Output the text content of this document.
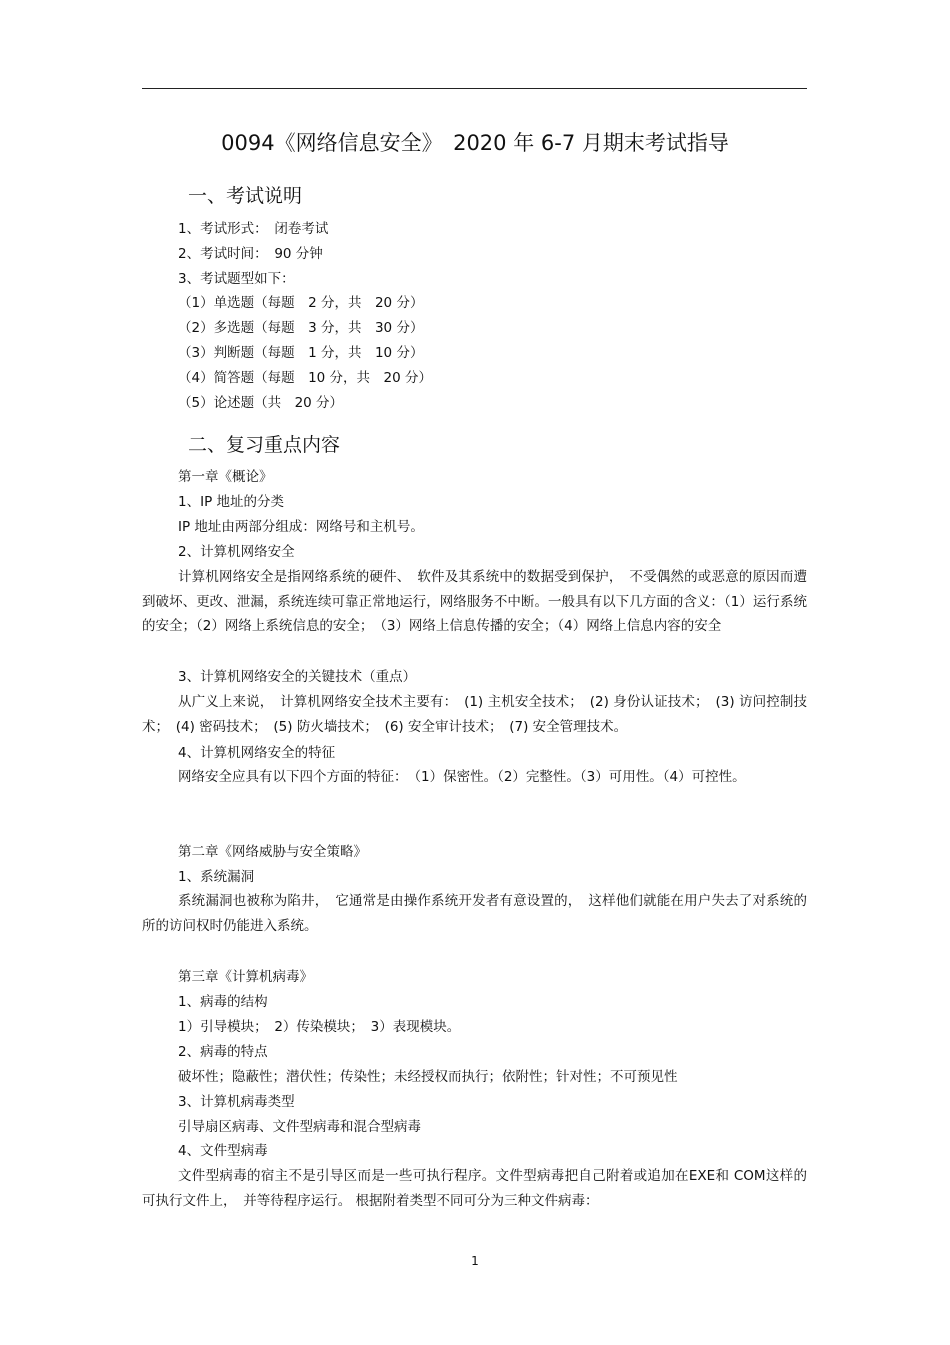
0094《网络信息安全》　2020 年 6-7 月期末考试指导
一、考试说明
1、考试形式：　闭卷考试
2、考试时间：　90 分钟
3、考试题型如下：
（1）单选题（每题　2 分，共　20 分）
（2）多选题（每题　3 分，共　30 分）
（3）判断题（每题　1 分，共　10 分）
（4）简答题（每题　10 分，共　20 分）
（5）论述题（共　20 分）
二、复习重点内容
第一章《概论》
1、IP 地址的分类
IP 地址由两部分组成：网络号和主机号。
2、计算机网络安全
计算机网络安全是指网络系统的硬件、　软件及其系统中的数据受到保护，　不受偶然的或恶意的原因而遭到破坏、更改、泄漏，系统连续可靠正常地运行，网络服务不中断。一般具有以下几方面的含义：（1）运行系统的安全；（2）网络上系统信息的安全；　（3）网络上信息传播的安全；（4）网络上信息内容的安全
3、计算机网络安全的关键技术（重点）
从广义上来说，　计算机网络安全技术主要有：　(1) 主机安全技术；　(2) 身份认证技术；　(3) 访问控制技术；　(4) 密码技术；　(5) 防火墙技术；　(6) 安全审计技术；　(7) 安全管理技术。
4、计算机网络安全的特征
网络安全应具有以下四个方面的特征：　（1）保密性。（2）完整性。（3）可用性。（4）可控性。
第二章《网络威胁与安全策略》
1、系统漏洞
系统漏洞也被称为陷井，　它通常是由操作系统开发者有意设置的，　这样他们就能在用户失去了对系统的所的访问权时仍能进入系统。
第三章《计算机病毒》
1、病毒的结构
1）引导模块；　2）传染模块；　3）表现模块。
2、病毒的特点
破坏性；隐蔽性；潜伏性；传染性；未经授权而执行；依附性；针对性；不可预见性
3、计算机病毒类型
引导扇区病毒、文件型病毒和混合型病毒
4、文件型病毒
文件型病毒的宿主不是引导区而是一些可执行程序。文件型病毒把自己附着或追加在EXE和 COM这样的可执行文件上，　并等待程序运行。 根据附着类型不同可分为三种文件病毒：
1
